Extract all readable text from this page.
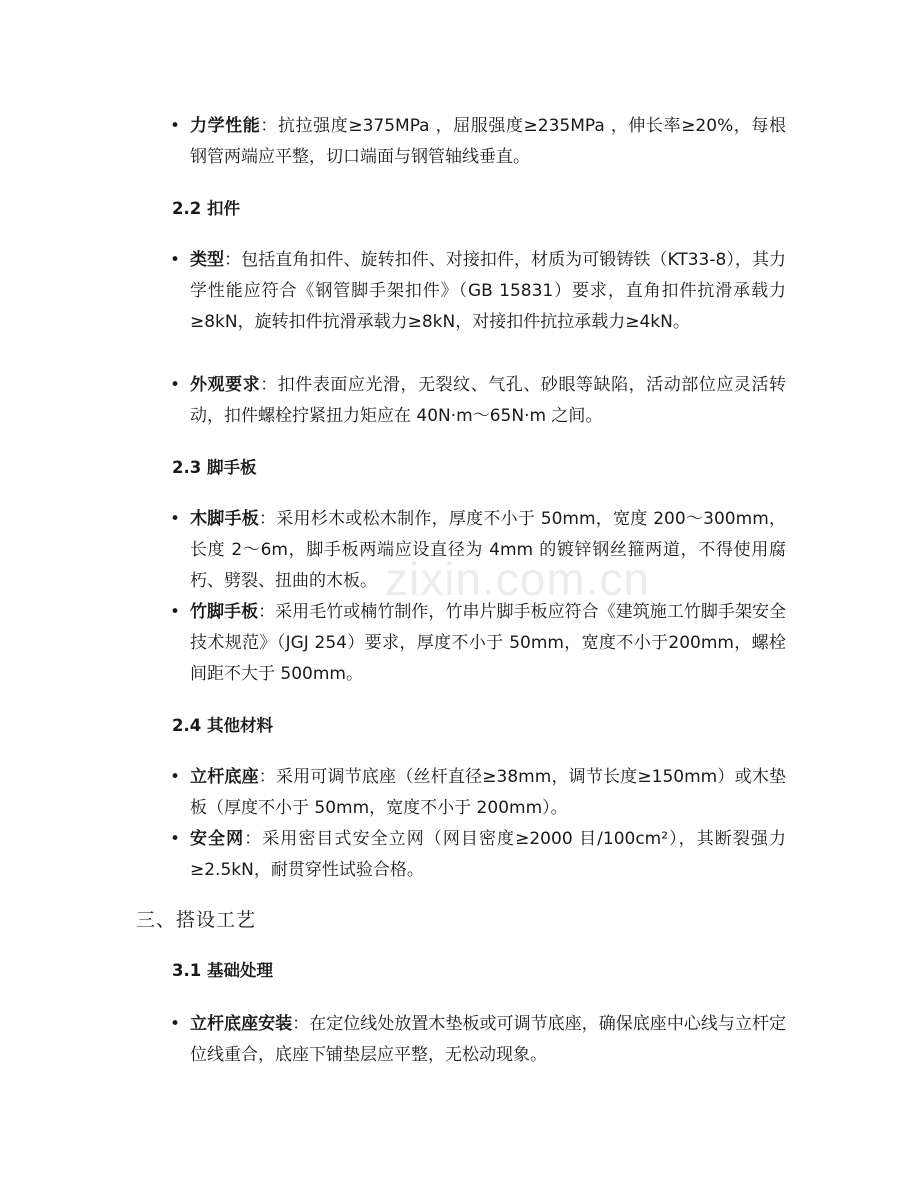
zixin.com.cn
• 力学性能：抗拉强度≥375MPa ，屈服强度≥235MPa ，伸长率≥20%，每根钢管两端应平整，切口端面与钢管轴线垂直。
2.2 扣件
• 类型：包括直角扣件、旋转扣件、对接扣件，材质为可锻铸铁（KT33-8），其力学性能应符合《钢管脚手架扣件》（GB 15831）要求，直角扣件抗滑承载力≥8kN，旋转扣件抗滑承载力≥8kN，对接扣件抗拉承载力≥4kN。
• 外观要求：扣件表面应光滑，无裂纹、气孔、砂眼等缺陷，活动部位应灵活转动，扣件螺栓拧紧扭力矩应在 40N·m～65N·m 之间。
2.3 脚手板
• 木脚手板：采用杉木或松木制作，厚度不小于 50mm，宽度 200～300mm，长度 2～6m，脚手板两端应设直径为 4mm 的镀锌钢丝箍两道，不得使用腐朽、劈裂、扭曲的木板。
• 竹脚手板：采用毛竹或楠竹制作，竹串片脚手板应符合《建筑施工竹脚手架安全技术规范》（JGJ 254）要求，厚度不小于 50mm，宽度不小于200mm，螺栓间距不大于 500mm。
2.4 其他材料
• 立杆底座：采用可调节底座（丝杆直径≥38mm，调节长度≥150mm）或木垫板（厚度不小于 50mm，宽度不小于 200mm）。
• 安全网：采用密目式安全立网（网目密度≥2000 目/100cm²），其断裂强力≥2.5kN，耐贯穿性试验合格。
三、搭设工艺
3.1 基础处理
• 立杆底座安装：在定位线处放置木垫板或可调节底座，确保底座中心线与立杆定位线重合，底座下铺垫层应平整，无松动现象。
